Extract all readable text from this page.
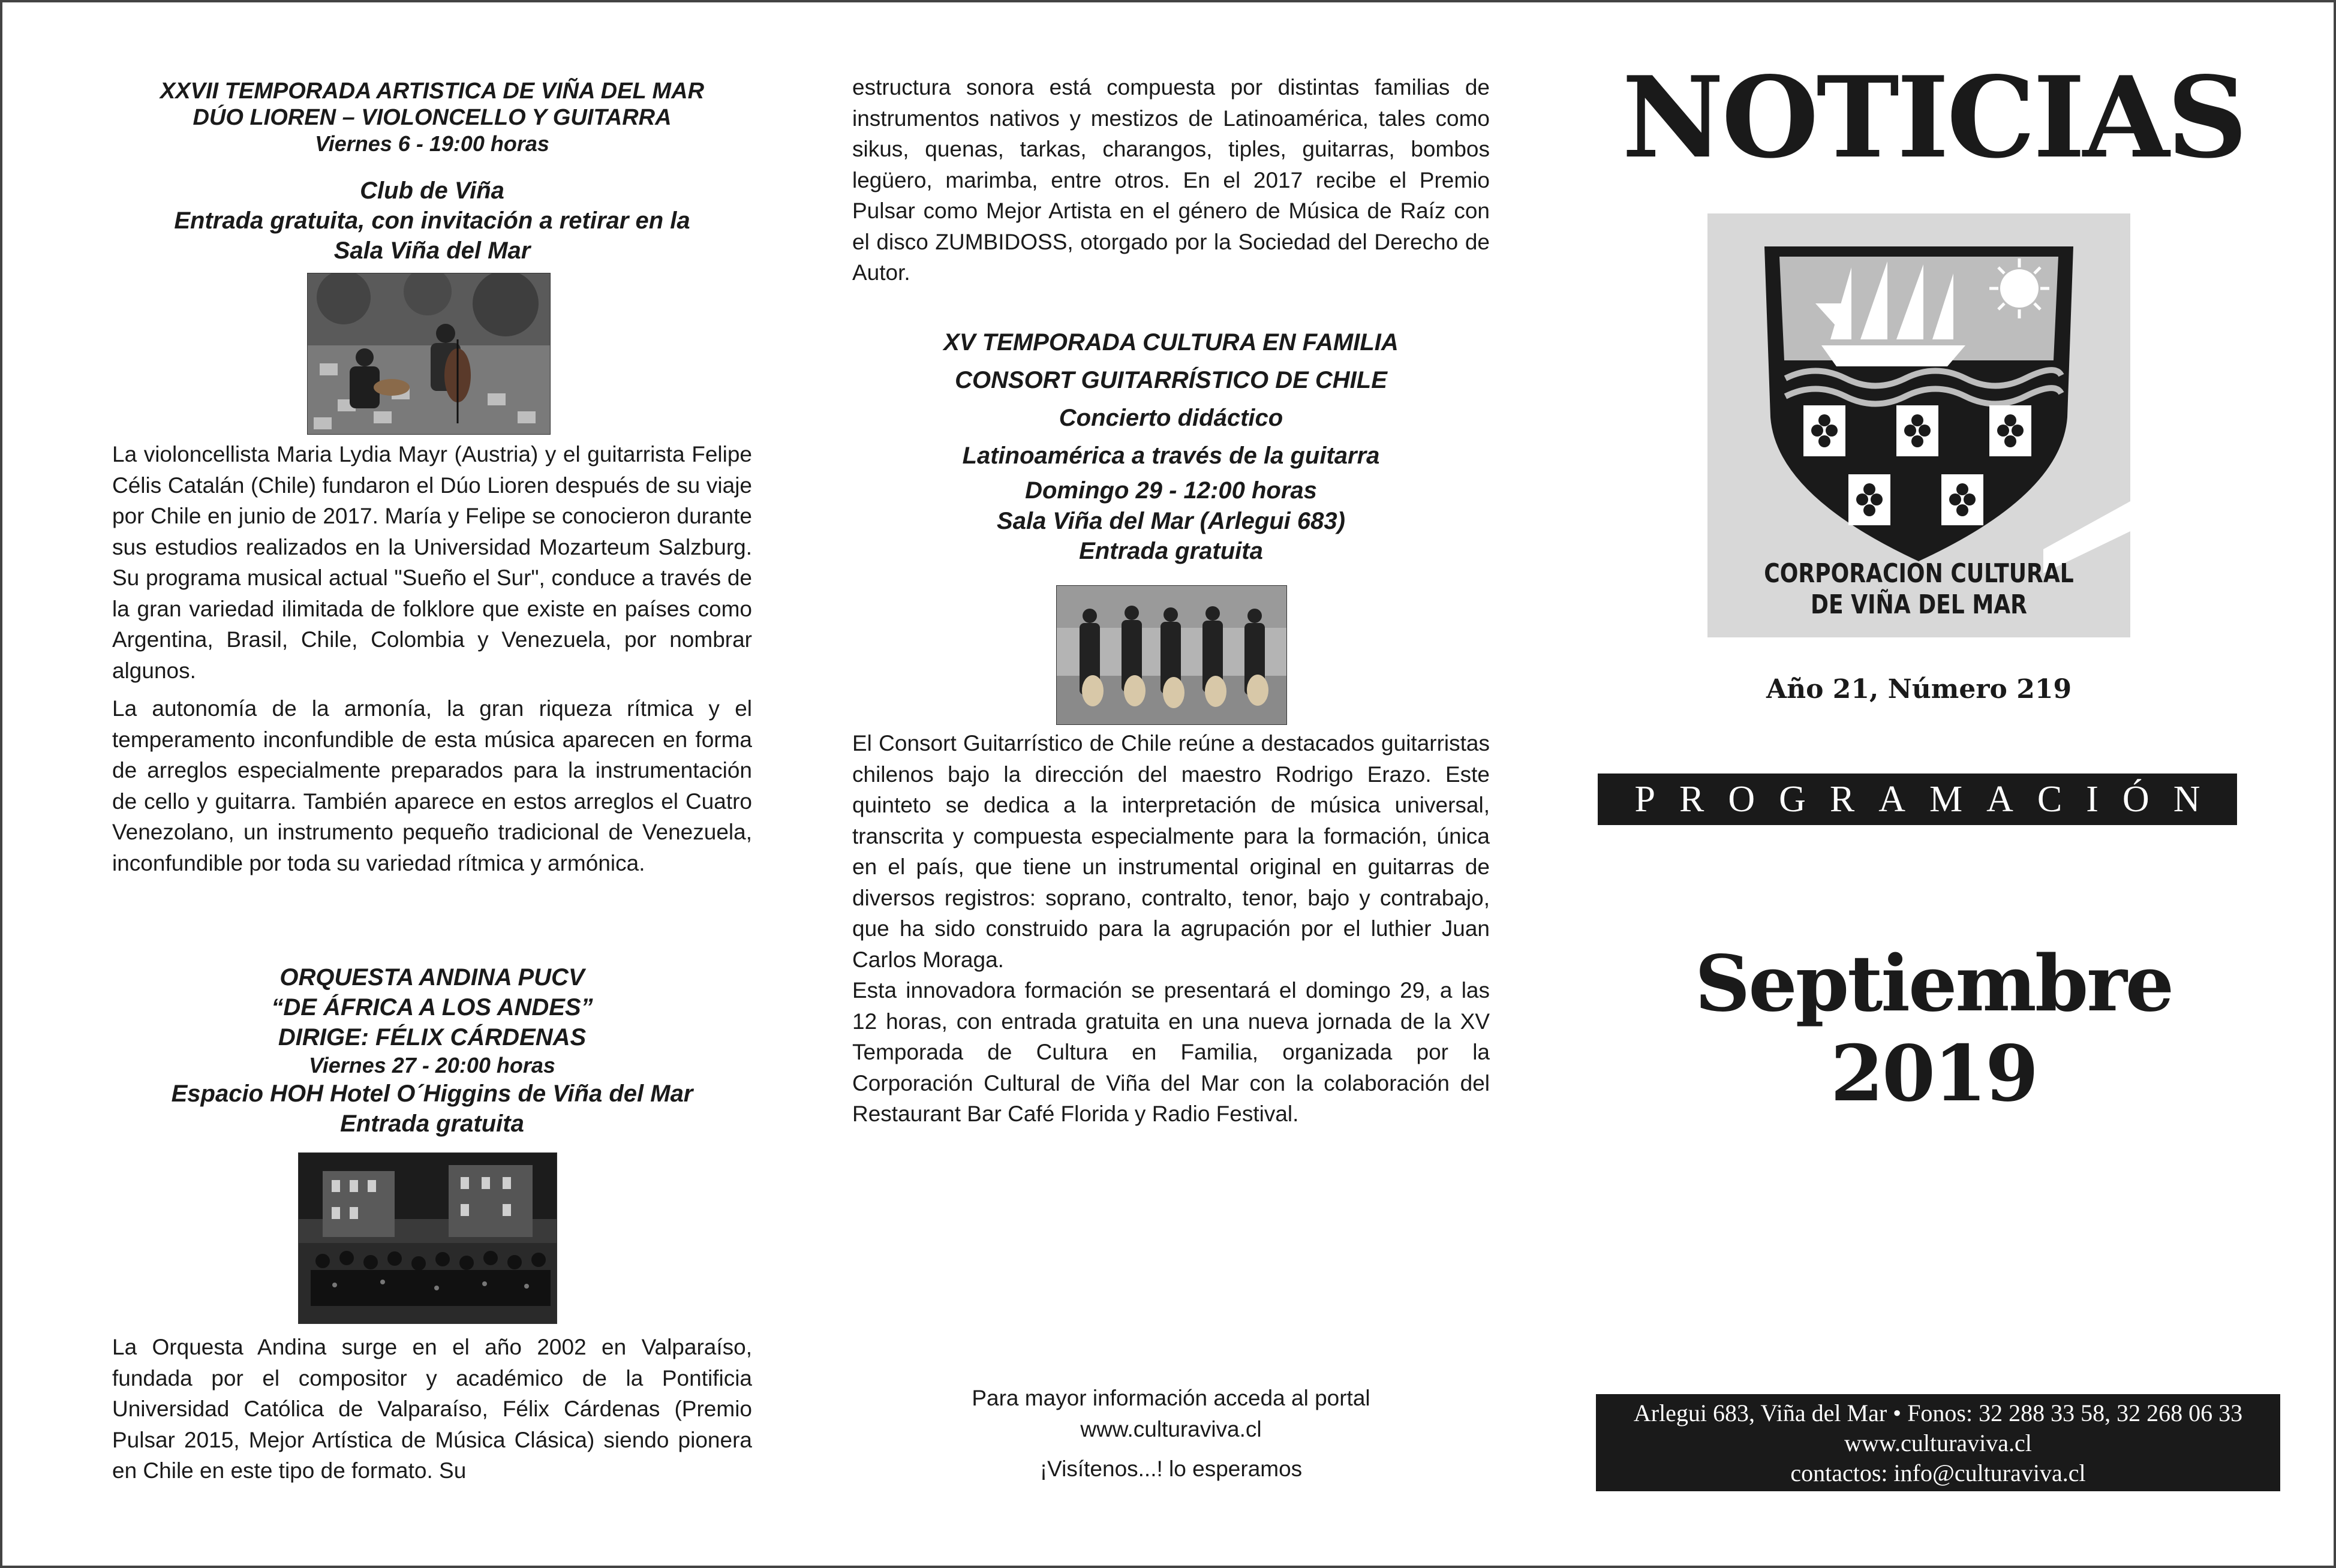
XXVII TEMPORADA ARTISTICA DE VIÑA DEL MAR

DÚO LIOREN – VIOLONCELLO Y GUITARRA

Viernes 6 - 19:00 horas

Club de Viña

Entrada gratuita, con invitación a retirar en la

Sala Viña del Mar

La violoncellista Maria Lydia Mayr (Austria) y el guitarrista Felipe Célis Catalán (Chile) fundaron el Dúo Lioren después de su viaje por Chile en junio de 2017. María y Felipe se conocieron durante sus estudios realizados en la Universidad Mozarteum Salzburg. Su programa musical actual "Sueño el Sur", conduce a través de la gran variedad ilimitada de folklore que existe en países como Argentina, Brasil, Chile, Colombia y Venezuela, por nombrar algunos.

La autonomía de la armonía, la gran riqueza rítmica y el temperamento inconfundible de esta música aparecen en forma de arreglos especialmente preparados para la instrumentación de cello y guitarra. También aparece en estos arreglos el Cuatro Venezolano, un instrumento pequeño tradicional de Venezuela, inconfundible por toda su variedad rítmica y armónica.

ORQUESTA ANDINA PUCV

“DE ÁFRICA A LOS ANDES”

DIRIGE: FÉLIX CÁRDENAS

Viernes 27 - 20:00 horas

Espacio HOH Hotel O´Higgins de Viña del Mar

Entrada gratuita

La Orquesta Andina surge en el año 2002 en Valparaíso, fundada por el compositor y académico de la Pontificia Universidad Católica de Valparaíso, Félix Cárdenas (Premio Pulsar 2015, Mejor Artística de Música Clásica) siendo pionera en Chile en este tipo de formato. Su

estructura sonora está compuesta por distintas familias de instrumentos nativos y mestizos de Latinoamérica, tales como sikus, quenas, tarkas, charangos, tiples, guitarras, bombos legüero, marimba, entre otros. En el 2017 recibe el Premio Pulsar como Mejor Artista en el género de Música de Raíz con el disco ZUMBIDOSS, otorgado por la Sociedad del Derecho de Autor.

XV TEMPORADA CULTURA EN FAMILIA

CONSORT GUITARRÍSTICO DE CHILE

Concierto didáctico

Latinoamérica a través de la guitarra

Domingo 29 - 12:00 horas

Sala Viña del Mar (Arlegui 683)

Entrada gratuita

El Consort Guitarrístico de Chile reúne a destacados guitarristas chilenos bajo la dirección del maestro Rodrigo Erazo. Este quinteto se dedica a la interpretación de música universal, transcrita y compuesta especialmente para la formación, única en el país, que tiene un instrumental original en guitarras de diversos registros: soprano, contralto, tenor, bajo y contrabajo, que ha sido construido para la agrupación por el luthier Juan Carlos Moraga.

Esta innovadora formación se presentará el domingo 29, a las 12 horas, con entrada gratuita en una nueva jornada de la XV Temporada de Cultura en Familia, organizada por la Corporación Cultural de Viña del Mar con la colaboración del Restaurant Bar Café Florida y Radio Festival.

Para mayor información acceda al portal
www.culturaviva.cl
¡Visítenos...! lo esperamos
NOTICIAS
CORPORACION CULTURAL
DE VIÑA DEL MAR
Año 21, Número 219
PROGRAMACIÓN
Septiembre 2019
Arlegui 683, Viña del Mar • Fonos: 32 288 33 58, 32 268 06 33
www.culturaviva.cl
contactos: info@culturaviva.cl
